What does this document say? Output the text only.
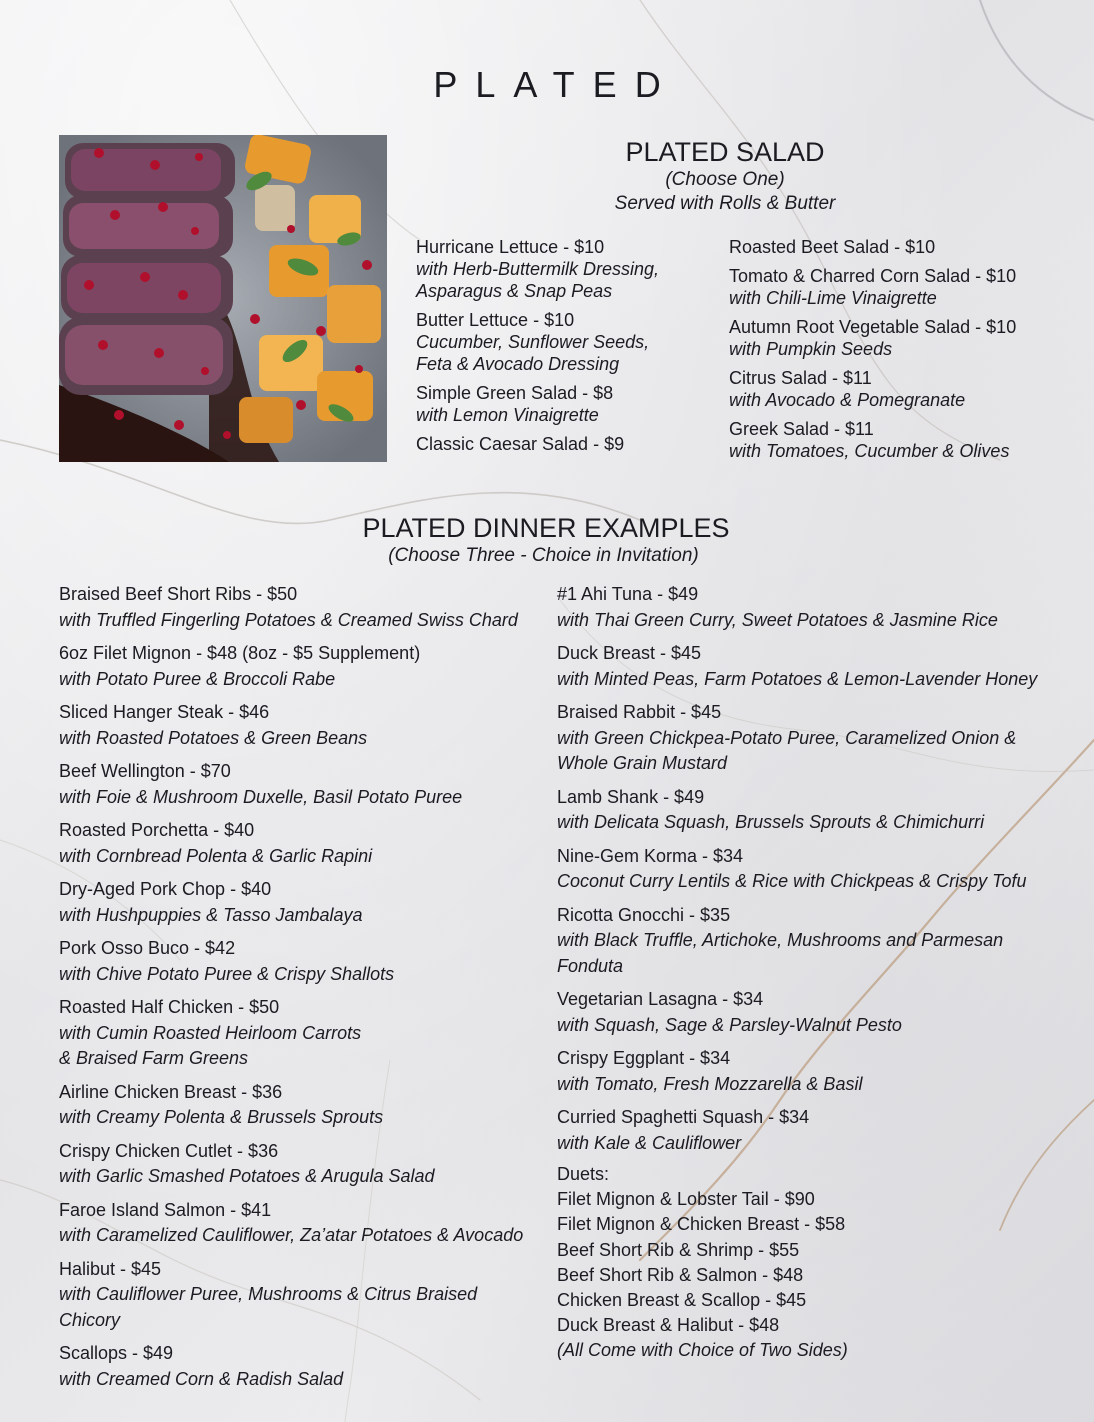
PLATED
PLATED SALAD
(Choose One)
Served with Rolls & Butter
Hurricane Lettuce - $10
with Herb-Buttermilk Dressing,
Asparagus & Snap Peas
Butter Lettuce - $10
Cucumber, Sunflower Seeds,
Feta & Avocado Dressing
Simple Green Salad - $8
with Lemon Vinaigrette
Classic Caesar Salad - $9
Roasted Beet Salad - $10
Tomato & Charred Corn Salad - $10
with Chili-Lime Vinaigrette
Autumn Root Vegetable Salad - $10
with Pumpkin Seeds
Citrus Salad - $11
with Avocado & Pomegranate
Greek Salad - $11
with Tomatoes, Cucumber & Olives
PLATED DINNER EXAMPLES
(Choose Three - Choice in Invitation)
Braised Beef Short Ribs - $50
with Truffled Fingerling Potatoes & Creamed Swiss Chard
6oz Filet Mignon - $48 (8oz - $5 Supplement)
with Potato Puree & Broccoli Rabe
Sliced Hanger Steak - $46
with Roasted Potatoes & Green Beans
Beef Wellington - $70
with Foie & Mushroom Duxelle, Basil Potato Puree
Roasted Porchetta - $40
with Cornbread Polenta & Garlic Rapini
Dry-Aged Pork Chop - $40
with Hushpuppies & Tasso Jambalaya
Pork Osso Buco - $42
with Chive Potato Puree & Crispy Shallots
Roasted Half Chicken - $50
with Cumin Roasted Heirloom Carrots
& Braised Farm Greens
Airline Chicken Breast - $36
with Creamy Polenta & Brussels Sprouts
Crispy Chicken Cutlet - $36
with Garlic Smashed Potatoes & Arugula Salad
Faroe Island Salmon - $41
with Caramelized Cauliflower, Za’atar Potatoes & Avocado
Halibut - $45
with Cauliflower Puree, Mushrooms & Citrus Braised Chicory
Scallops - $49
with Creamed Corn & Radish Salad
#1 Ahi Tuna - $49
with Thai Green Curry, Sweet Potatoes & Jasmine Rice
Duck Breast - $45
with Minted Peas, Farm Potatoes & Lemon-Lavender Honey
Braised Rabbit - $45
with Green Chickpea-Potato Puree, Caramelized Onion &
Whole Grain Mustard
Lamb Shank - $49
with Delicata Squash, Brussels Sprouts & Chimichurri
Nine-Gem Korma - $34
Coconut Curry Lentils & Rice with Chickpeas & Crispy Tofu
Ricotta Gnocchi - $35
with Black Truffle, Artichoke, Mushrooms and Parmesan
Fonduta
Vegetarian Lasagna - $34
with Squash, Sage & Parsley-Walnut Pesto
Crispy Eggplant - $34
with Tomato, Fresh Mozzarella & Basil
Curried Spaghetti Squash - $34
with Kale & Cauliflower
Duets:
Filet Mignon & Lobster Tail - $90
Filet Mignon & Chicken Breast - $58
Beef Short Rib & Shrimp - $55
Beef Short Rib & Salmon - $48
Chicken Breast & Scallop - $45
Duck Breast & Halibut - $48
(All Come with Choice of Two Sides)
